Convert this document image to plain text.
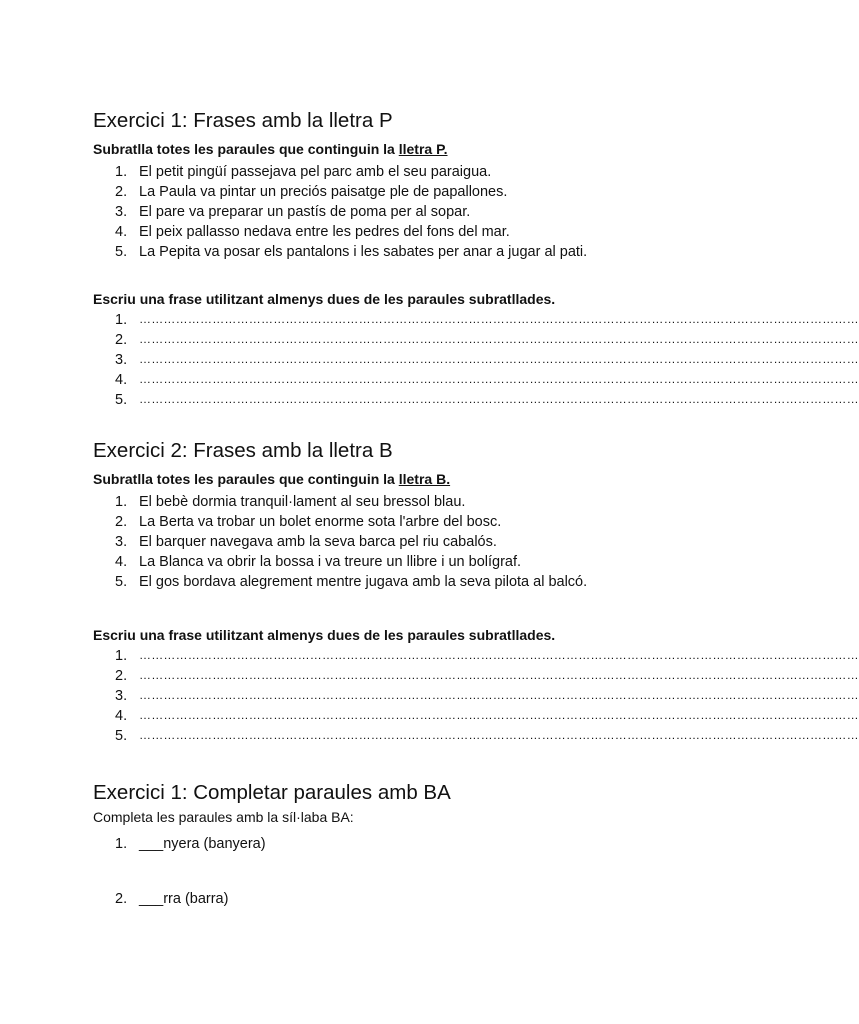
Exercici 1: Frases amb la lletra P

Subratlla totes les paraules que continguin la lletra P.

1. El petit pingüí passejava pel parc amb el seu paraigua.
2. La Paula va pintar un preciós paisatge ple de papallones.
3. El pare va preparar un pastís de poma per al sopar.
4. El peix pallasso nedava entre les pedres del fons del mar.
5. La Pepita va posar els pantalons i les sabates per anar a jugar al pati.

Escriu una frase utilitzant almenys dues de les paraules subratllades.

1. ……………………………………………………………………………………………………………………………………………………………
2. ……………………………………………………………………………………………………………………………………………………………
3. ……………………………………………………………………………………………………………………………………………………………
4. ……………………………………………………………………………………………………………………………………………………………
5. ……………………………………………………………………………………………………………………………………………………………
Exercici 2: Frases amb la lletra B

Subratlla totes les paraules que continguin la lletra B.

1. El bebè dormia tranquil·lament al seu bressol blau.
2. La Berta va trobar un bolet enorme sota l'arbre del bosc.
3. El barquer navegava amb la seva barca pel riu cabalós.
4. La Blanca va obrir la bossa i va treure un llibre i un bolígraf.
5. El gos bordava alegrement mentre jugava amb la seva pilota al balcó.

Escriu una frase utilitzant almenys dues de les paraules subratllades.

1. ……………………………………………………………………………………………………………………………………………………………
2. ……………………………………………………………………………………………………………………………………………………………
3. ……………………………………………………………………………………………………………………………………………………………
4. ……………………………………………………………………………………………………………………………………………………………
5. ……………………………………………………………………………………………………………………………………………………………
Exercici 1: Completar paraules amb BA

Completa les paraules amb la síl·laba BA:

1. ___nyera (banyera)
2. ___rra (barra)
